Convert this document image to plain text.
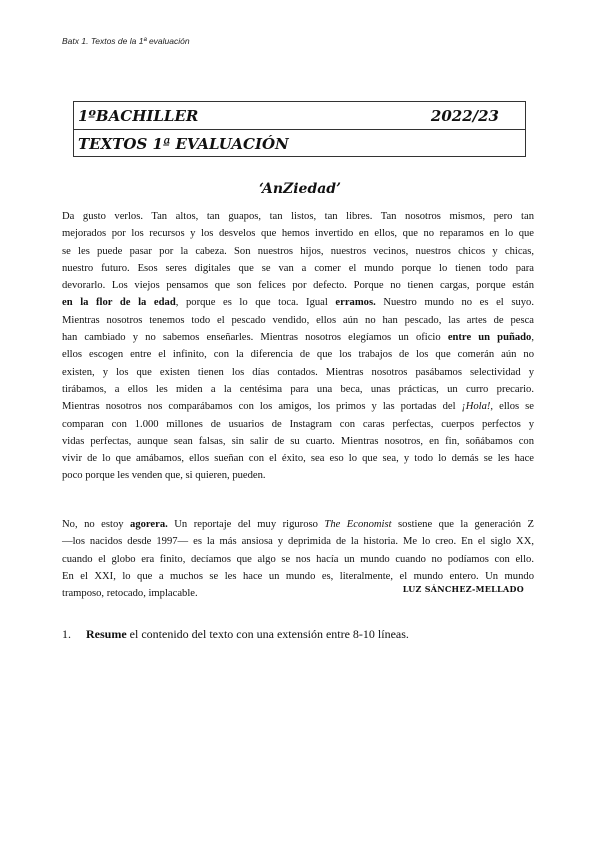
Batx 1. Textos de la 1ª evaluación
1ºBACHILLER	2022/23
TEXTOS 1ª EVALUACIÓN
‘AnZiedad’
Da gusto verlos. Tan altos, tan guapos, tan listos, tan libres. Tan nosotros mismos, pero tan
mejorados por los recursos y los desvelos que hemos invertido en ellos, que no reparamos en lo que
se les puede pasar por la cabeza. Son nuestros hijos, nuestros vecinos, nuestros chicos y chicas,
nuestro futuro. Esos seres digitales que se van a comer el mundo porque lo tienen todo para
devorarlo. Los viejos pensamos que son felices por defecto. Porque no tienen cargas, porque están
en la flor de la edad, porque es lo que toca. Igual erramos. Nuestro mundo no es el suyo.
Mientras nosotros tenemos todo el pescado vendido, ellos aún no han pescado, las artes de pesca
han cambiado y no sabemos enseñarles. Mientras nosotros elegíamos un oficio entre un puñado,
ellos escogen entre el infinito, con la diferencia de que los trabajos de los que comerán aún no
existen, y los que existen tienen los días contados. Mientras nosotros pasábamos selectividad y
tirábamos, a ellos les miden a la centésima para una beca, unas prácticas, un curro precario.
Mientras nosotros nos comparábamos con los amigos, los primos y las portadas del ¡Hola!, ellos se
comparan con 1.000 millones de usuarios de Instagram con caras perfectas, cuerpos perfectos y
vidas perfectas, aunque sean falsas, sin salir de su cuarto. Mientras nosotros, en fin, soñábamos con
vivir de lo que amábamos, ellos sueñan con el éxito, sea eso lo que sea, y todo lo demás se les hace
poco porque les venden que, si quieren, pueden.
No, no estoy agorera. Un reportaje del muy riguroso The Economist sostiene que la generación Z
—los nacidos desde 1997— es la más ansiosa y deprimida de la historia. Me lo creo. En el siglo XX,
cuando el globo era finito, decíamos que algo se nos hacía un mundo cuando no podíamos con ello.
En el XXI, lo que a muchos se les hace un mundo es, literalmente, el mundo entero. Un mundo
tramposo, retocado, implacable.	LUZ SÁNCHEZ-MELLADO
1. Resume el contenido del texto con una extensión entre 8-10 líneas.
